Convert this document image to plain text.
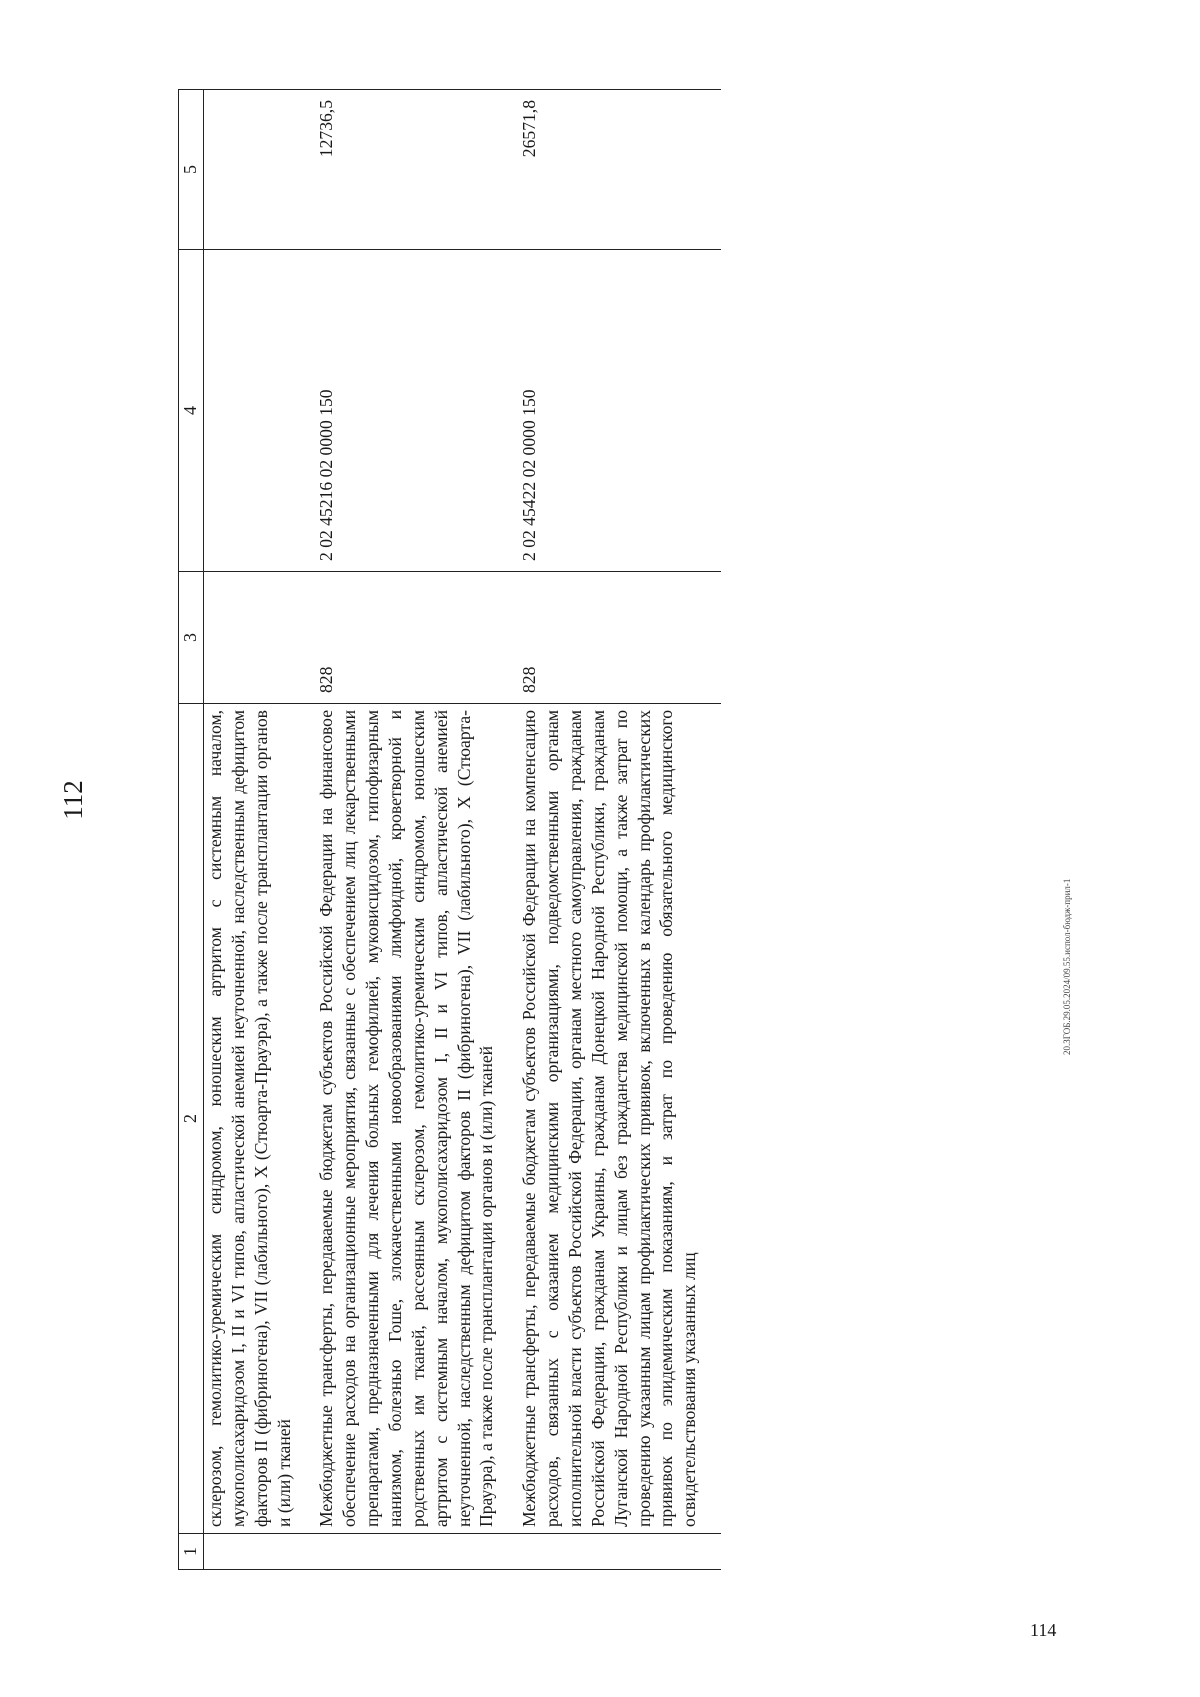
112
1	2	3	4	5
	склерозом, гемолитико-уремическим синдромом, юношеским артритом с системным началом, мукополисахаридозом I, II и VI типов, апластической анемией неуточненной, наследственным дефицитом факторов II (фибриногена), VII (лабильного), X (Стюарта-Прауэра), а также после трансплантации органов и (или) тканей			
	Межбюджетные трансферты, передаваемые бюджетам субъектов Российской Федерации на финансовое обеспечение расходов на организационные мероприятия, связанные с обеспечением лиц лекарственными препаратами, предназначенными для лечения больных гемофилией, муковисцидозом, гипофизарным нанизмом, болезнью Гоше, злокачественными новообразованиями лимфоидной, кроветворной и родственных им тканей, рассеянным склерозом, гемолитико-уремическим синдромом, юношеским артритом с системным началом, мукополисахаридозом I, II и VI типов, апластической анемией неуточненной, наследственным дефицитом факторов II (фибриногена), VII (лабильного), X (Стюарта-Прауэра), а также после трансплантации органов и (или) тканей	828	2 02 45216 02 0000 150	12736,5
	Межбюджетные трансферты, передаваемые бюджетам субъектов Российской Федерации на компенсацию расходов, связанных с оказанием медицинскими организациями, подведомственными органам исполнительной власти субъектов Российской Федерации, органам местного самоуправления, гражданам Российской Федерации, гражданам Украины, гражданам Донецкой Народной Республики, гражданам Луганской Народной Республики и лицам без гражданства медицинской помощи, а также затрат по проведению указанным лицам профилактических прививок, включенных в календарь профилактических прививок по эпидемическим показаниям, и затрат по проведению обязательного медицинского освидетельствования указанных лиц	828	2 02 45422 02 0000 150	26571,8
20.ЗГОБ.29.05.2024/09.55.испол-бюдж-прил-1
114
